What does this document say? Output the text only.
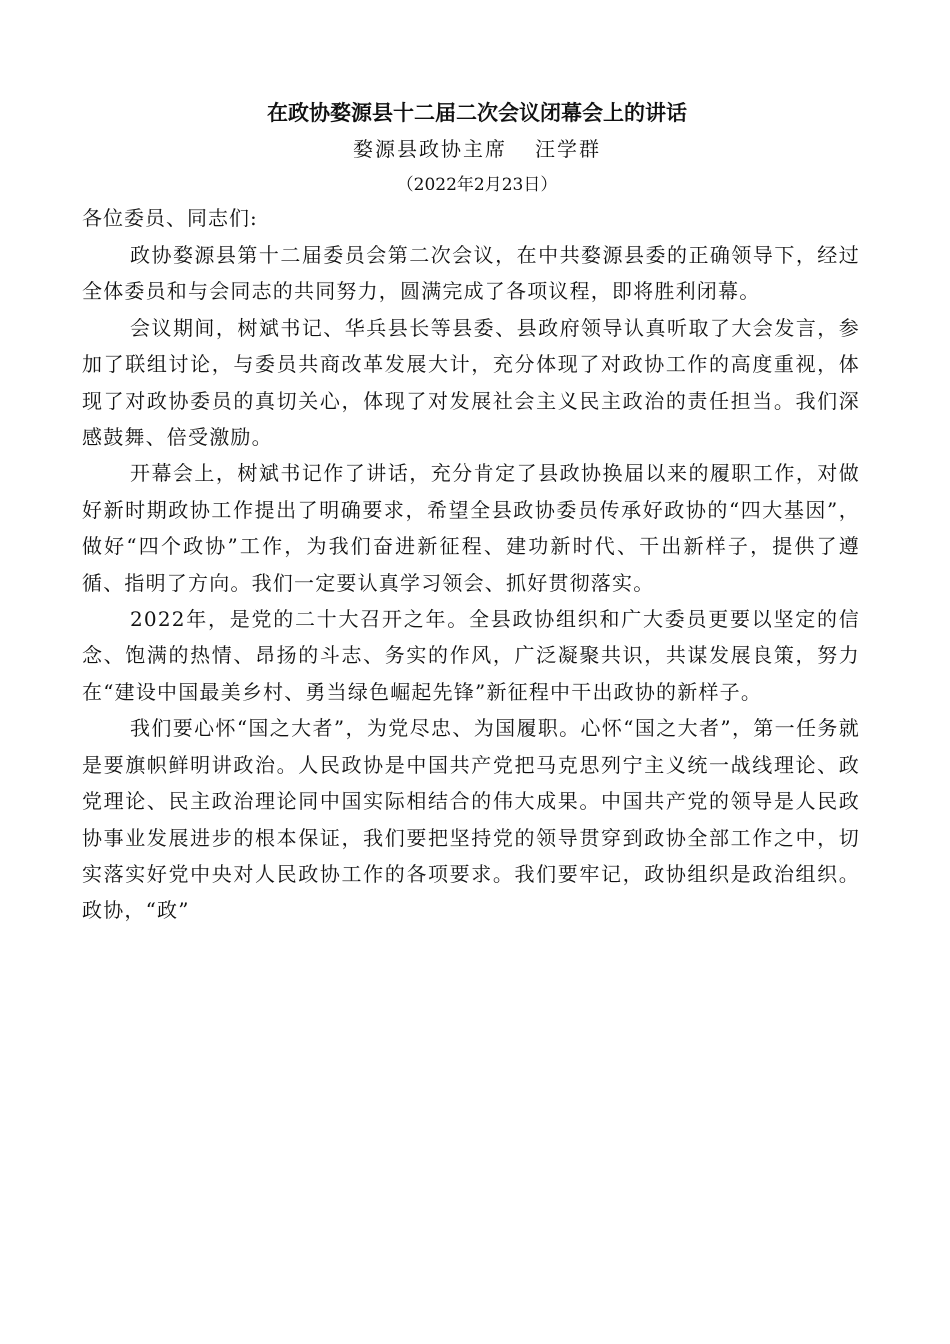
在政协婺源县十二届二次会议闭幕会上的讲话
婺源县政协主席 汪学群
（2022年2月23日）

各位委员、同志们:

政协婺源县第十二届委员会第二次会议，在中共婺源县委的正确领导下，经过全体委员和与会同志的共同努力，圆满完成了各项议程，即将胜利闭幕。

会议期间，树斌书记、华兵县长等县委、县政府领导认真听取了大会发言，参加了联组讨论，与委员共商改革发展大计，充分体现了对政协工作的高度重视，体现了对政协委员的真切关心，体现了对发展社会主义民主政治的责任担当。我们深感鼓舞、倍受激励。

开幕会上，树斌书记作了讲话，充分肯定了县政协换届以来的履职工作，对做好新时期政协工作提出了明确要求，希望全县政协委员传承好政协的“四大基因”，做好“四个政协”工作，为我们奋进新征程、建功新时代、干出新样子，提供了遵循、指明了方向。我们一定要认真学习领会、抓好贯彻落实。

2022年，是党的二十大召开之年。全县政协组织和广大委员更要以坚定的信念、饱满的热情、昂扬的斗志、务实的作风，广泛凝聚共识，共谋发展良策，努力在“建设中国最美乡村、勇当绿色崛起先锋”新征程中干出政协的新样子。

我们要心怀“国之大者”，为党尽忠、为国履职。心怀“国之大者”，第一任务就是要旗帜鲜明讲政治。人民政协是中国共产党把马克思列宁主义统一战线理论、政党理论、民主政治理论同中国实际相结合的伟大成果。中国共产党的领导是人民政协事业发展进步的根本保证，我们要把坚持党的领导贯穿到政协全部工作之中，切实落实好党中央对人民政协工作的各项要求。我们要牢记，政协组织是政治组织。政协，“政”
